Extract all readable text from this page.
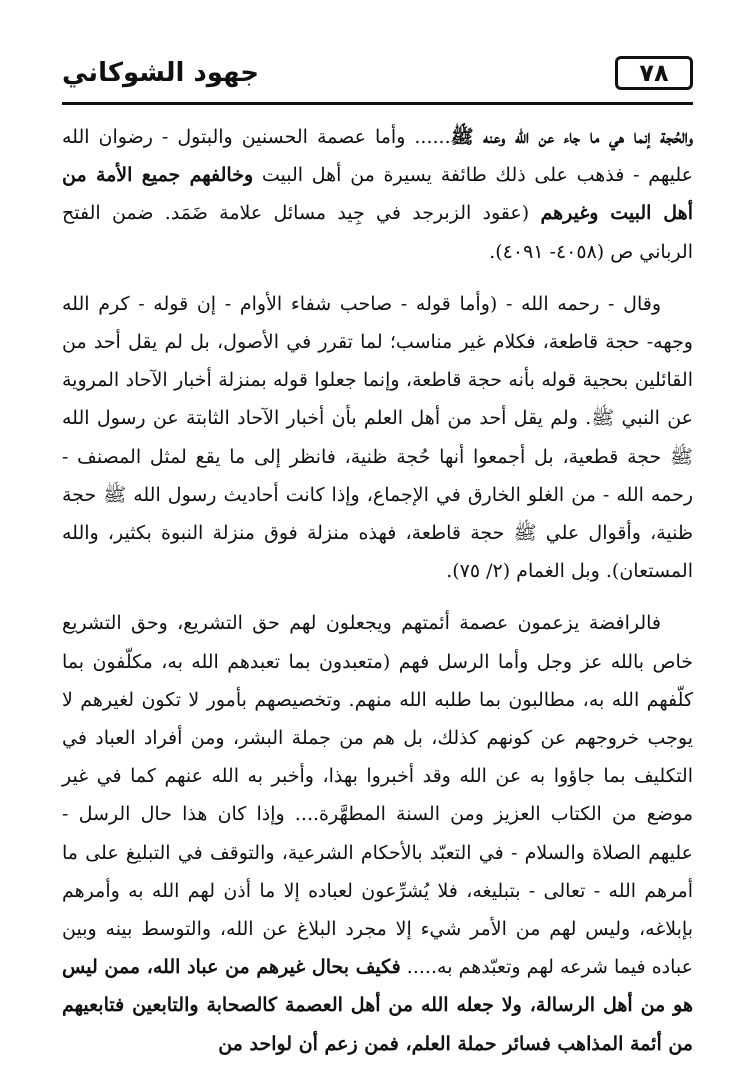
٧٨
جهود الشوكاني

والحُجة إنما هي ما جاء عن الله وعنه ﷺ...... وأما عصمة الحسنين والبتول - رضوان الله عليهم - فذهب على ذلك طائفة يسيرة من أهل البيت وخالفهم جميع الأمة من أهل البيت وغيرهم (عقود الزبرجد في جِيد مسائل علامة ضَمَد. ضمن الفتح الرباني ص (٤٠٥٨- ٤٠٩١).

وقال - رحمه الله - (وأما قوله - صاحب شفاء الأوام - إن قوله - كرم الله وجهه- حجة قاطعة، فكلام غير مناسب؛ لما تقرر في الأصول، بل لم يقل أحد من القائلين بحجية قوله بأنه حجة قاطعة، وإنما جعلوا قوله بمنزلة أخبار الآحاد المروية عن النبي ﷺ. ولم يقل أحد من أهل العلم بأن أخبار الآحاد الثابتة عن رسول الله ﷺ حجة قطعية، بل أجمعوا أنها حُجة ظنية، فانظر إلى ما يقع لمثل المصنف - رحمه الله - من الغلو الخارق في الإجماع، وإذا كانت أحاديث رسول الله ﷺ حجة ظنية، وأقوال علي ﷺ حجة قاطعة، فهذه منزلة فوق منزلة النبوة بكثير، والله المستعان). وبل الغمام (٢/ ٧٥).

فالرافضة يزعمون عصمة أئمتهم ويجعلون لهم حق التشريع، وحق التشريع خاص بالله عز وجل وأما الرسل فهم (متعبدون بما تعبدهم الله به، مكلّفون بما كلّفهم الله به، مطالبون بما طلبه الله منهم. وتخصيصهم بأمور لا تكون لغيرهم لا يوجب خروجهم عن كونهم كذلك، بل هم من جملة البشر، ومن أفراد العباد في التكليف بما جاؤوا به عن الله وقد أخبروا بهذا، وأخبر به الله عنهم كما في غير موضع من الكتاب العزيز ومن السنة المطهَّرة.... وإذا كان هذا حال الرسل - عليهم الصلاة والسلام - في التعبّد بالأحكام الشرعية، والتوقف في التبليغ على ما أمرهم الله - تعالى - بتبليغه، فلا يُشرِّعون لعباده إلا ما أذن لهم الله به وأمرهم بإبلاغه، وليس لهم من الأمر شيء إلا مجرد البلاغ عن الله، والتوسط بينه وبين عباده فيما شرعه لهم وتعبّدهم به..... فكيف بحال غيرهم من عباد الله، ممن ليس هو من أهل الرسالة، ولا جعله الله من أهل العصمة كالصحابة والتابعين فتابعيهم من أئمة المذاهب فسائر حملة العلم، فمن زعم أن لواحد من
